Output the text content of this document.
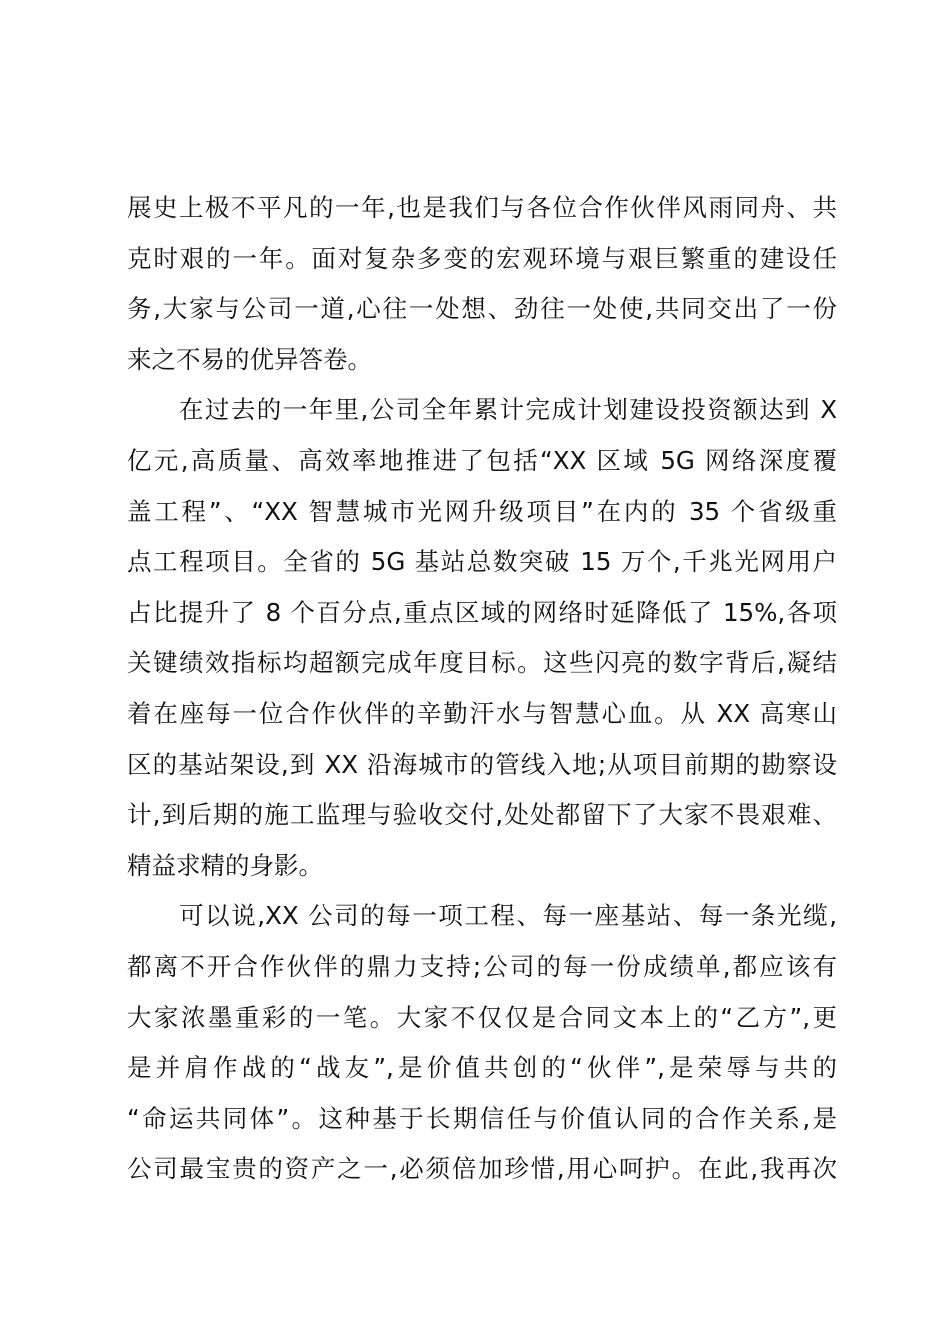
展史上极不平凡的一年,也是我们与各位合作伙伴风雨同舟、共
克时艰的一年。面对复杂多变的宏观环境与艰巨繁重的建设任
务,大家与公司一道,心往一处想、劲往一处使,共同交出了一份
来之不易的优异答卷。
　　在过去的一年里,公司全年累计完成计划建设投资额达到 X
亿元,高质量、高效率地推进了包括“XX 区域 5G 网络深度覆
盖工程”、“XX 智慧城市光网升级项目”在内的 35 个省级重
点工程项目。全省的 5G 基站总数突破 15 万个,千兆光网用户
占比提升了 8 个百分点,重点区域的网络时延降低了 15%,各项
关键绩效指标均超额完成年度目标。这些闪亮的数字背后,凝结
着在座每一位合作伙伴的辛勤汗水与智慧心血。从 XX 高寒山
区的基站架设,到 XX 沿海城市的管线入地;从项目前期的勘察设
计,到后期的施工监理与验收交付,处处都留下了大家不畏艰难、
精益求精的身影。
　　可以说,XX 公司的每一项工程、每一座基站、每一条光缆,
都离不开合作伙伴的鼎力支持;公司的每一份成绩单,都应该有
大家浓墨重彩的一笔。大家不仅仅是合同文本上的“乙方”,更
是并肩作战的“战友”,是价值共创的“伙伴”,是荣辱与共的
“命运共同体”。这种基于长期信任与价值认同的合作关系,是
公司最宝贵的资产之一,必须倍加珍惜,用心呵护。在此,我再次
